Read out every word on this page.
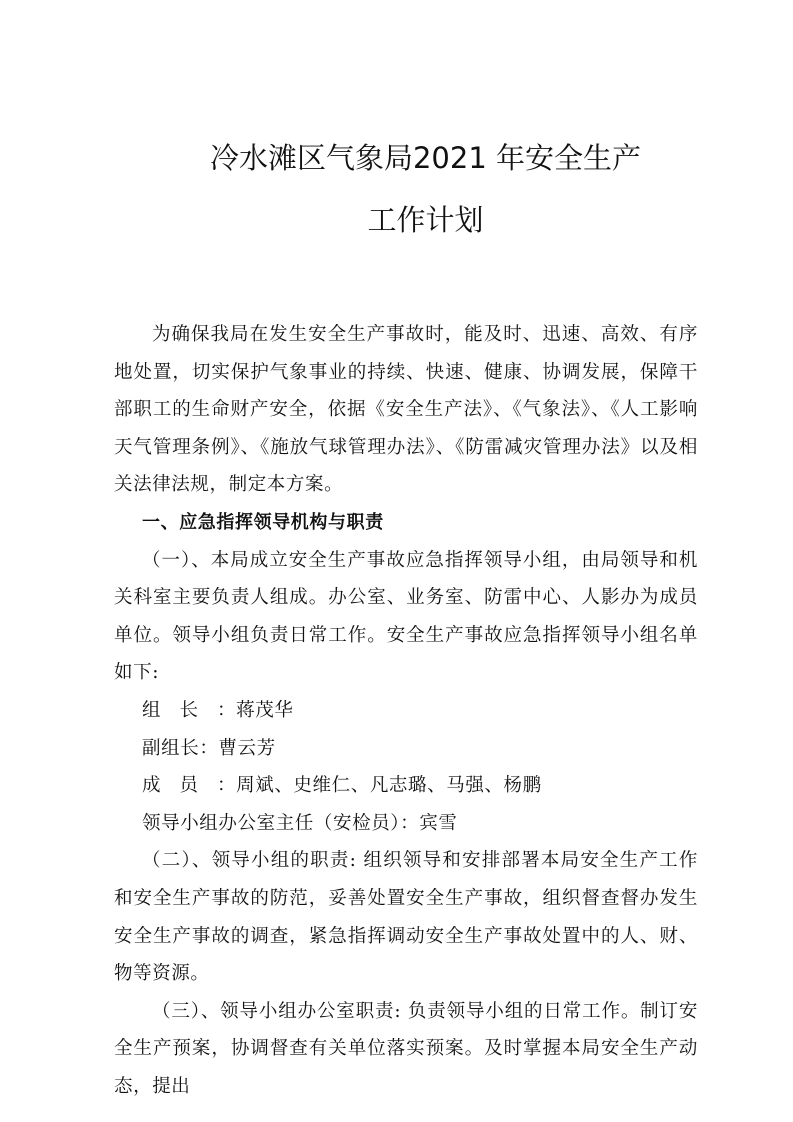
冷水滩区气象局2021 年安全生产
工作计划

为确保我局在发生安全生产事故时，能及时、迅速、高效、有序地处置，切实保护气象事业的持续、快速、健康、协调发展，保障干部职工的生命财产安全，依据《安全生产法》、《气象法》、《人工影响天气管理条例》、《施放气球管理办法》、《防雷减灾管理办法》以及相关法律法规，制定本方案。

一、应急指挥领导机构与职责

（一）、本局成立安全生产事故应急指挥领导小组，由局领导和机关科室主要负责人组成。办公室、业务室、防雷中心、人影办为成员单位。领导小组负责日常工作。安全生产事故应急指挥领导小组名单如下:

组长：蒋茂华

副组长：曹云芳

成员：周斌、史维仁、凡志璐、马强、杨鹏

领导小组办公室主任（安检员）：宾雪

（二）、领导小组的职责: 组织领导和安排部署本局安全生产工作和安全生产事故的防范，妥善处置安全生产事故，组织督查督办发生安全生产事故的调查，紧急指挥调动安全生产事故处置中的人、财、物等资源。

（三）、领导小组办公室职责: 负责领导小组的日常工作。制订安全生产预案，协调督查有关单位落实预案。及时掌握本局安全生产动态，提出
